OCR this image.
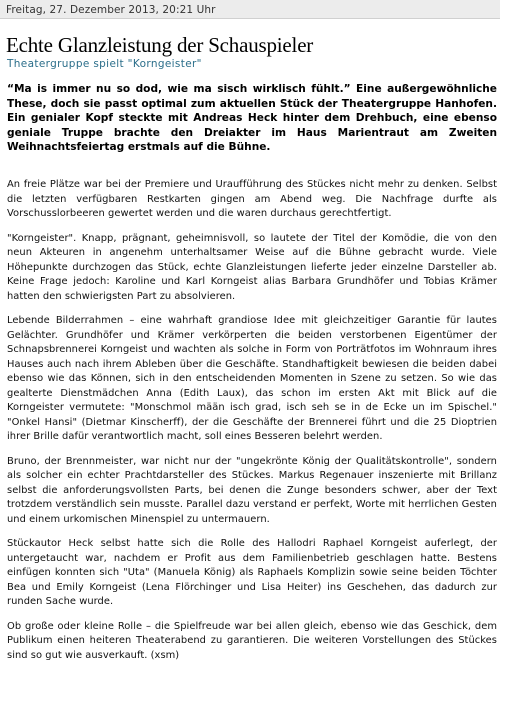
Freitag, 27. Dezember 2013, 20:21 Uhr
Echte Glanzleistung der Schauspieler
Theatergruppe spielt "Korngeister"

“Ma is immer nu so dod, wie ma sisch wirklisch fühlt.” Eine außergewöhnliche These, doch sie passt optimal zum aktuellen Stück der Theatergruppe Hanhofen. Ein genialer Kopf steckte mit Andreas Heck hinter dem Drehbuch, eine ebenso geniale Truppe brachte den Dreiakter im Haus Marientraut am Zweiten Weihnachtsfeiertag erstmals auf die Bühne.

An freie Plätze war bei der Premiere und Uraufführung des Stückes nicht mehr zu denken. Selbst die letzten verfügbaren Restkarten gingen am Abend weg. Die Nachfrage durfte als Vorschusslorbeeren gewertet werden und die waren durchaus gerechtfertigt.

"Korngeister". Knapp, prägnant, geheimnisvoll, so lautete der Titel der Komödie, die von den neun Akteuren in angenehm unterhaltsamer Weise auf die Bühne gebracht wurde. Viele Höhepunkte durchzogen das Stück, echte Glanzleistungen lieferte jeder einzelne Darsteller ab. Keine Frage jedoch: Karoline und Karl Korngeist alias Barbara Grundhöfer und Tobias Krämer hatten den schwierigsten Part zu absolvieren.

Lebende Bilderrahmen – eine wahrhaft grandiose Idee mit gleichzeitiger Garantie für lautes Gelächter. Grundhöfer und Krämer verkörperten die beiden verstorbenen Eigentümer der Schnapsbrennerei Korngeist und wachten als solche in Form von Porträtfotos im Wohnraum ihres Hauses auch nach ihrem Ableben über die Geschäfte. Standhaftigkeit bewiesen die beiden dabei ebenso wie das Können, sich in den entscheidenden Momenten in Szene zu setzen. So wie das gealterte Dienstmädchen Anna (Edith Laux), das schon im ersten Akt mit Blick auf die Korngeister vermutete: "Monschmol mään isch grad, isch seh se in de Ecke un im Spischel." "Onkel Hansi" (Dietmar Kinscherff), der die Geschäfte der Brennerei führt und die 25 Dioptrien ihrer Brille dafür verantwortlich macht, soll eines Besseren belehrt werden.

Bruno, der Brennmeister, war nicht nur der "ungekrönte König der Qualitätskontrolle", sondern als solcher ein echter Prachtdarsteller des Stückes. Markus Regenauer inszenierte mit Brillanz selbst die anforderungsvollsten Parts, bei denen die Zunge besonders schwer, aber der Text trotzdem verständlich sein musste. Parallel dazu verstand er perfekt, Worte mit herrlichen Gesten und einem urkomischen Minenspiel zu untermauern.

Stückautor Heck selbst hatte sich die Rolle des Hallodri Raphael Korngeist auferlegt, der untergetaucht war, nachdem er Profit aus dem Familienbetrieb geschlagen hatte. Bestens einfügen konnten sich "Uta" (Manuela König) als Raphaels Komplizin sowie seine beiden Töchter Bea und Emily Korngeist (Lena Flörchinger und Lisa Heiter) ins Geschehen, das dadurch zur runden Sache wurde.

Ob große oder kleine Rolle – die Spielfreude war bei allen gleich, ebenso wie das Geschick, dem Publikum einen heiteren Theaterabend zu garantieren. Die weiteren Vorstellungen des Stückes sind so gut wie ausverkauft. (xsm)
